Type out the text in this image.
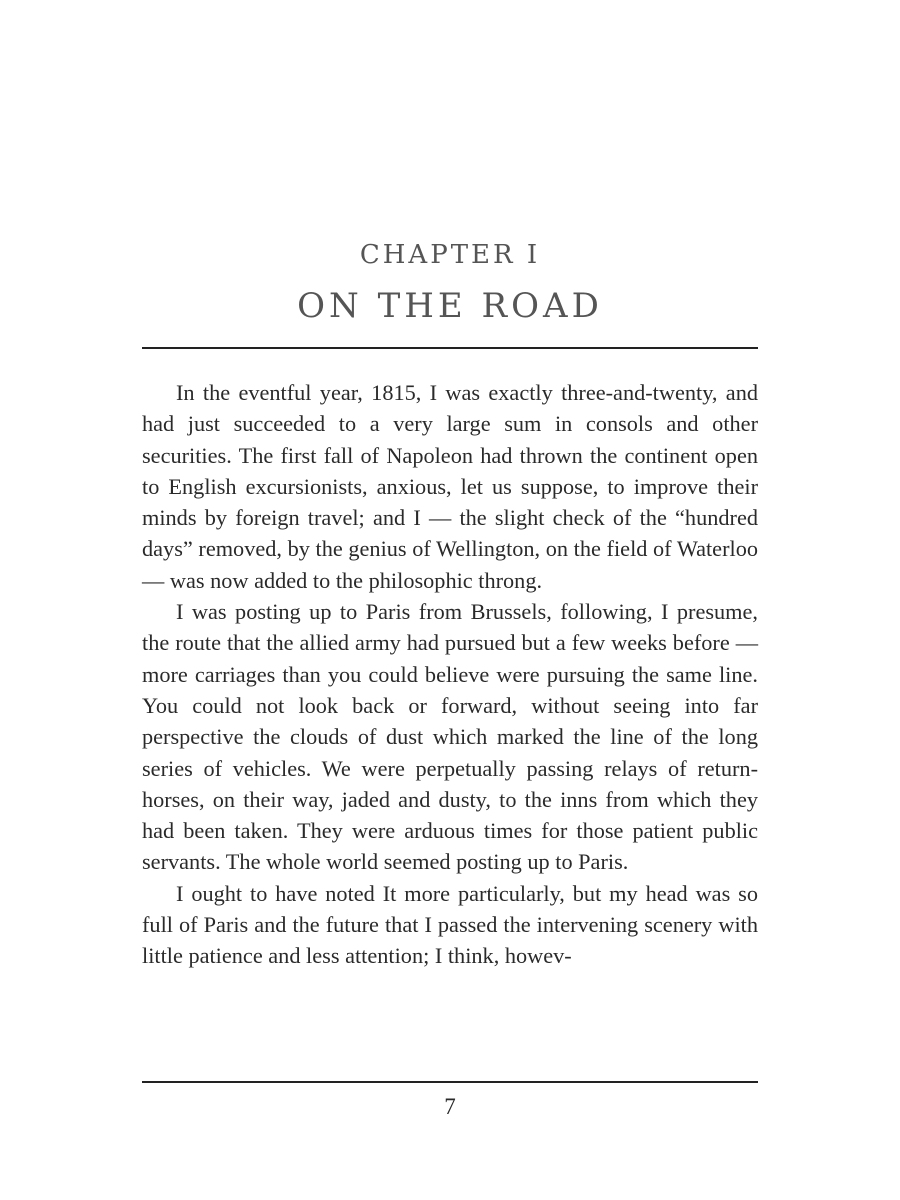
CHAPTER I
ON THE ROAD

In the eventful year, 1815, I was exactly three-and-twenty, and had just succeeded to a very large sum in consols and other securities. The first fall of Napoleon had thrown the continent open to English excursionists, anxious, let us suppose, to improve their minds by foreign travel; and I — the slight check of the “hundred days” removed, by the genius of Wellington, on the field of Waterloo — was now added to the philosophic throng.

I was posting up to Paris from Brussels, following, I presume, the route that the allied army had pursued but a few weeks before — more carriages than you could believe were pursuing the same line. You could not look back or forward, without seeing into far perspective the clouds of dust which marked the line of the long series of vehicles. We were perpetually passing relays of return-horses, on their way, jaded and dusty, to the inns from which they had been taken. They were arduous times for those patient public servants. The whole world seemed posting up to Paris.

I ought to have noted It more particularly, but my head was so full of Paris and the future that I passed the intervening scenery with little patience and less attention; I think, howev-

7
